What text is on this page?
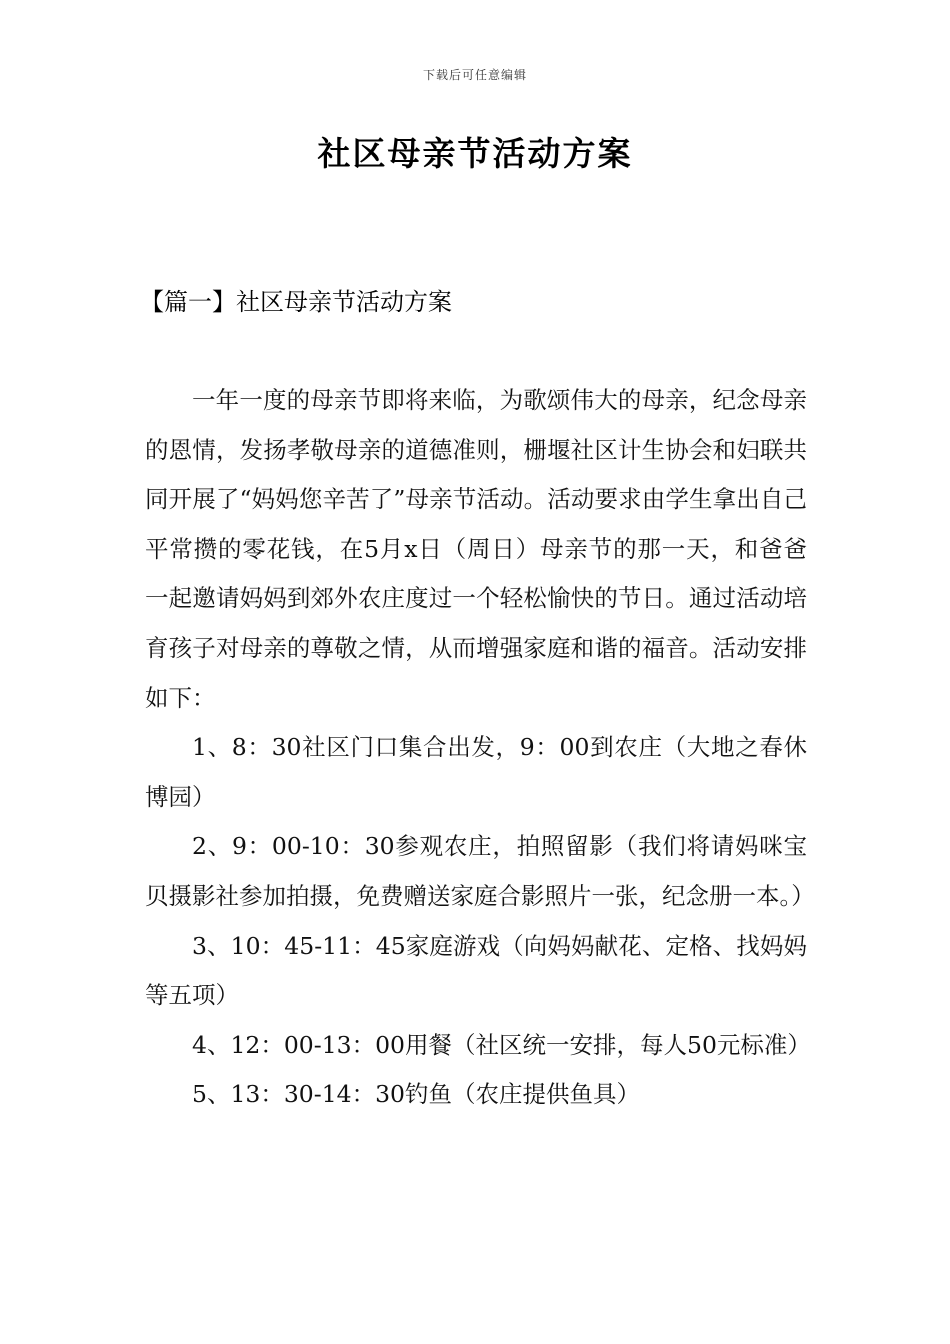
下载后可任意编辑
社区母亲节活动方案
【篇一】社区母亲节活动方案

一年一度的母亲节即将来临，为歌颂伟大的母亲，纪念母亲的恩情，发扬孝敬母亲的道德准则，栅堰社区计生协会和妇联共同开展了“妈妈您辛苦了”母亲节活动。活动要求由学生拿出自己平常攒的零花钱，在5月x日（周日）母亲节的那一天，和爸爸一起邀请妈妈到郊外农庄度过一个轻松愉快的节日。通过活动培育孩子对母亲的尊敬之情，从而增强家庭和谐的福音。活动安排如下：

1、8：30社区门口集合出发，9：00到农庄（大地之春休博园）

2、9：00-10：30参观农庄，拍照留影（我们将请妈咪宝贝摄影社参加拍摄，免费赠送家庭合影照片一张，纪念册一本。）

3、10：45-11：45家庭游戏（向妈妈献花、定格、找妈妈等五项）

4、12：00-13：00用餐（社区统一安排，每人50元标准）

5、13：30-14：30钓鱼（农庄提供鱼具）
